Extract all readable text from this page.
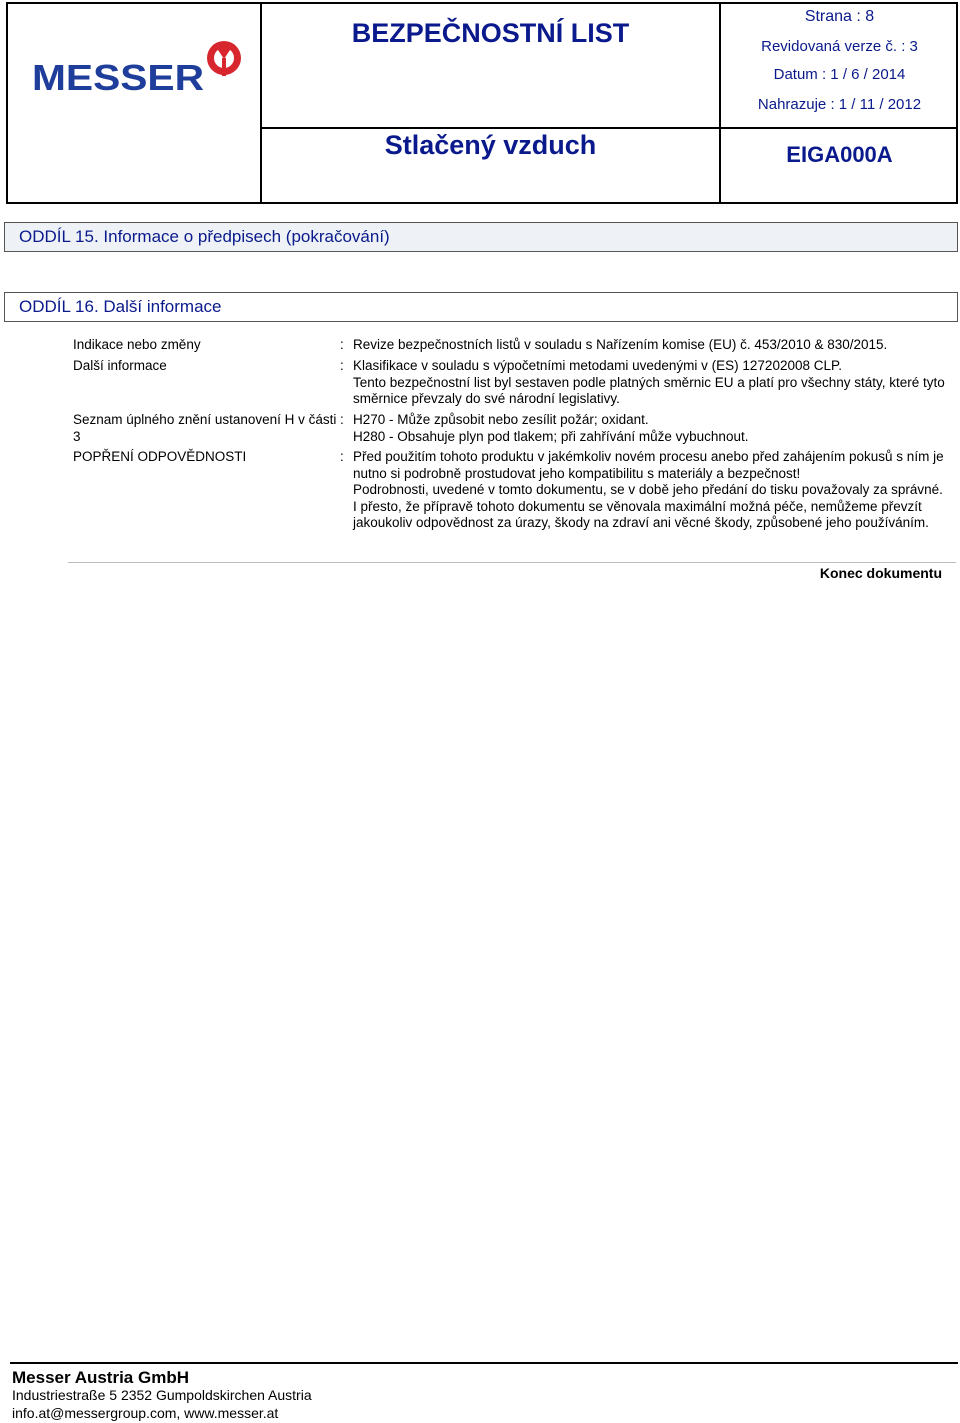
MESSER
BEZPEČNOSTNÍ LIST
Stlačený vzduch
Strana : 8
Revidovaná verze č. : 3
Datum : 1 / 6 / 2014
Nahrazuje : 1 / 11 / 2012
EIGA000A
ODDÍL 15. Informace o předpisech (pokračování)
ODDÍL 16. Další informace
Indikace nebo změny	: Revize bezpečnostních listů v souladu s Nařízením komise (EU) č. 453/2010 & 830/2015.
Další informace	: Klasifikace v souladu s výpočetními metodami uvedenými v (ES) 127202008 CLP.
Tento bezpečnostní list byl sestaven podle platných směrnic EU a platí pro všechny státy, které tyto směrnice převzaly do své národní legislativy.
Seznam úplného znění ustanovení H v části 3
: H270 - Může způsobit nebo zesílit požár; oxidant.
H280 - Obsahuje plyn pod tlakem; při zahřívání může vybuchnout.
POPŘENÍ ODPOVĚDNOSTI	: Před použitím tohoto produktu v jakémkoliv novém procesu anebo před zahájením pokusů s ním je nutno si podrobně prostudovat jeho kompatibilitu s materiály a bezpečnost!
Podrobnosti, uvedené v tomto dokumentu, se v době jeho předání do tisku považovaly za správné. I přesto, že přípravě tohoto dokumentu se věnovala maximální možná péče, nemůžeme převzít jakoukoliv odpovědnost za úrazy, škody na zdraví ani věcné škody, způsobené jeho používáním.
Konec dokumentu
Messer Austria GmbH
Industriestraße 5 2352 Gumpoldskirchen Austria
info.at@messergroup.com, www.messer.at
